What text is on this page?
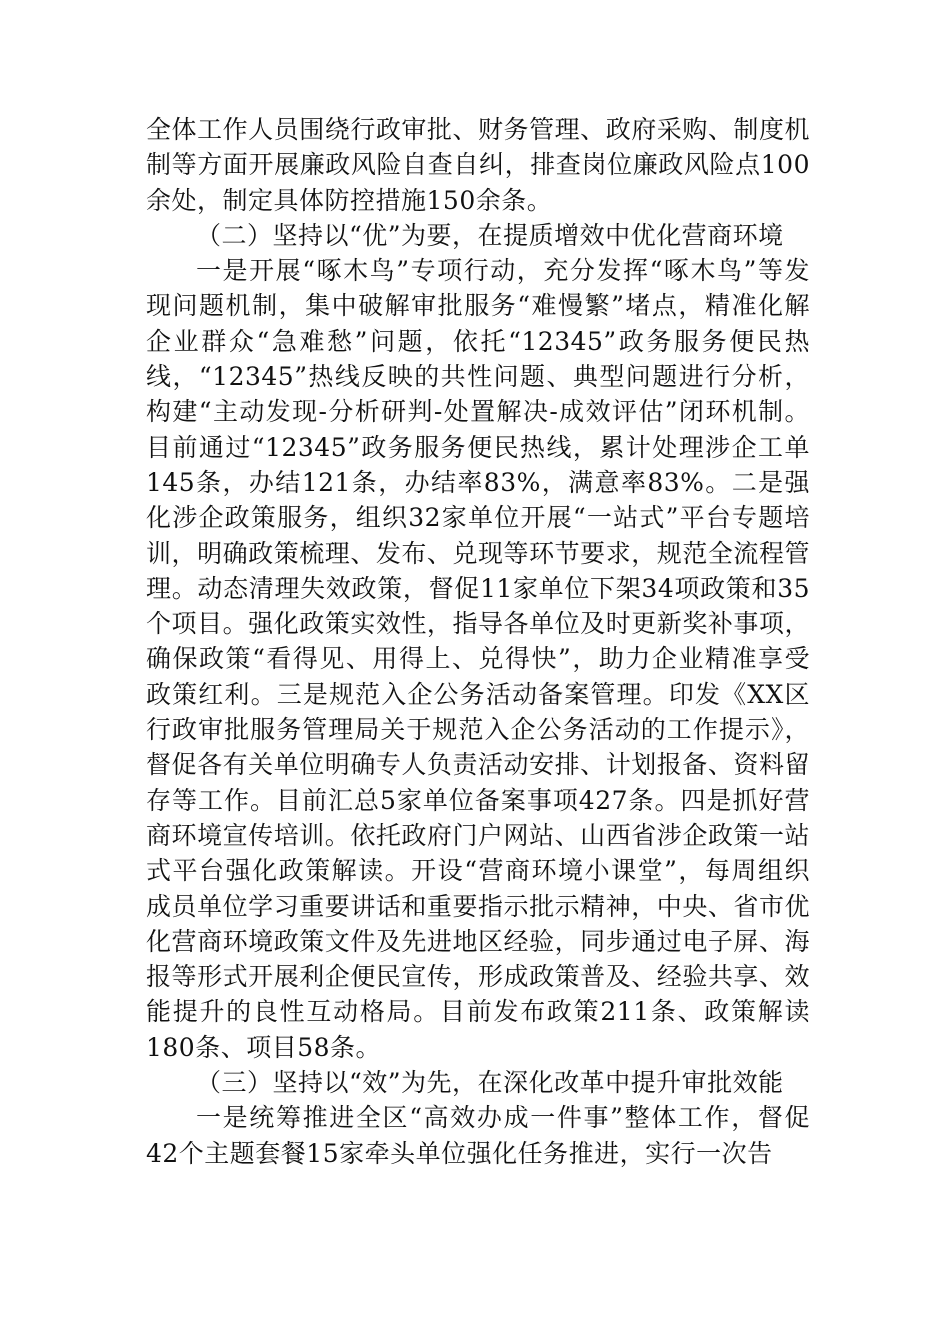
全体工作人员围绕行政审批、财务管理、政府采购、制度机制等方面开展廉政风险自查自纠，排查岗位廉政风险点100余处，制定具体防控措施150余条。

（二）坚持以“优”为要，在提质增效中优化营商环境

一是开展“啄木鸟”专项行动，充分发挥“啄木鸟”等发现问题机制，集中破解审批服务“难慢繁”堵点，精准化解企业群众“急难愁”问题，依托“12345”政务服务便民热线，“12345”热线反映的共性问题、典型问题进行分析，构建“主动发现-分析研判-处置解决-成效评估”闭环机制。目前通过“12345”政务服务便民热线，累计处理涉企工单145条，办结121条，办结率83%，满意率83%。二是强化涉企政策服务，组织32家单位开展“一站式”平台专题培训，明确政策梳理、发布、兑现等环节要求，规范全流程管理。动态清理失效政策，督促11家单位下架34项政策和35个项目。强化政策实效性，指导各单位及时更新奖补事项，确保政策“看得见、用得上、兑得快”，助力企业精准享受政策红利。三是规范入企公务活动备案管理。印发《XX区行政审批服务管理局关于规范入企公务活动的工作提示》，督促各有关单位明确专人负责活动安排、计划报备、资料留存等工作。目前汇总5家单位备案事项427条。四是抓好营商环境宣传培训。依托政府门户网站、山西省涉企政策一站式平台强化政策解读。开设“营商环境小课堂”，每周组织成员单位学习重要讲话和重要指示批示精神，中央、省市优化营商环境政策文件及先进地区经验，同步通过电子屏、海报等形式开展利企便民宣传，形成政策普及、经验共享、效能提升的良性互动格局。目前发布政策211条、政策解读180条、项目58条。

（三）坚持以“效”为先，在深化改革中提升审批效能

一是统筹推进全区“高效办成一件事”整体工作，督促42个主题套餐15家牵头单位强化任务推进，实行一次告
